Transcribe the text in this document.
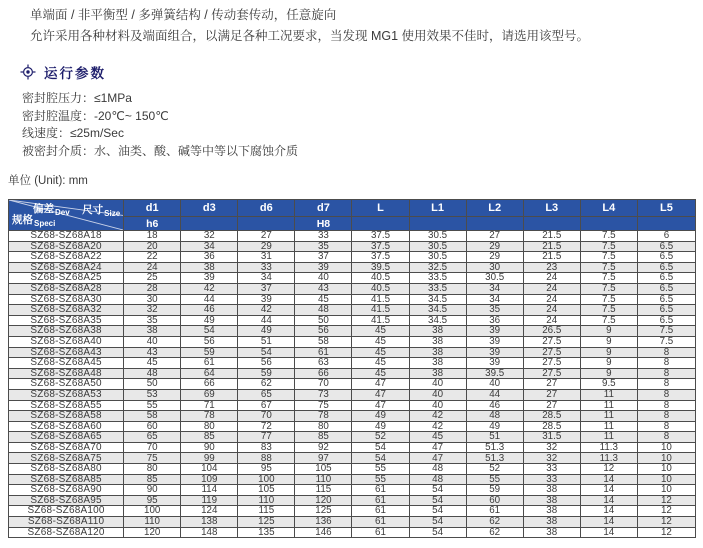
单端面 / 非平衡型 / 多弹簧结构 / 传动套传动，任意旋向

允许采用各种材料及端面组合，以满足各种工况要求，当发现 MG1 使用效果不佳时，请选用该型号。

运行参数
密封腔压力：≤1MPa
密封腔温度：-20℃~ 150℃
线速度：≤25m/Sec
被密封介质：水、油类、酸、碱等中等以下腐蚀介质
单位 (Unit): mm
偏差$_{Dev}$ 尺寸$_{Size}$
规格$_{Speci}$	d1	d3	d6	d7	L	L1	L2	L3	L4	L5
	h6			H8						
SZ68-SZ68A18	18	32	27	33	37.5	30.5	27	21.5	7.5	6
SZ68-SZ68A20	20	34	29	35	37.5	30.5	29	21.5	7.5	6.5
SZ68-SZ68A22	22	36	31	37	37.5	30.5	29	21.5	7.5	6.5
SZ68-SZ68A24	24	38	33	39	39.5	32.5	30	23	7.5	6.5
SZ68-SZ68A25	25	39	34	40	40.5	33.5	30.5	24	7.5	6.5
SZ68-SZ68A28	28	42	37	43	40.5	33.5	34	24	7.5	6.5
SZ68-SZ68A30	30	44	39	45	41.5	34.5	34	24	7.5	6.5
SZ68-SZ68A32	32	46	42	48	41.5	34.5	35	24	7.5	6.5
SZ68-SZ68A35	35	49	44	50	41.5	34.5	36	24	7.5	6.5
SZ68-SZ68A38	38	54	49	56	45	38	39	26.5	9	7.5
SZ68-SZ68A40	40	56	51	58	45	38	39	27.5	9	7.5
SZ68-SZ68A43	43	59	54	61	45	38	39	27.5	9	8
SZ68-SZ68A45	45	61	56	63	45	38	39	27.5	9	8
SZ68-SZ68A48	48	64	59	66	45	38	39.5	27.5	9	8
SZ68-SZ68A50	50	66	62	70	47	40	40	27	9.5	8
SZ68-SZ68A53	53	69	65	73	47	40	44	27	11	8
SZ68-SZ68A55	55	71	67	75	47	40	46	27	11	8
SZ68-SZ68A58	58	78	70	78	49	42	48	28.5	11	8
SZ68-SZ68A60	60	80	72	80	49	42	49	28.5	11	8
SZ68-SZ68A65	65	85	77	85	52	45	51	31.5	11	8
SZ68-SZ68A70	70	90	83	92	54	47	51.3	32	11.3	10
SZ68-SZ68A75	75	99	88	97	54	47	51.3	32	11.3	10
SZ68-SZ68A80	80	104	95	105	55	48	52	33	12	10
SZ68-SZ68A85	85	109	100	110	55	48	55	33	14	10
SZ68-SZ68A90	90	114	105	115	61	54	59	38	14	10
SZ68-SZ68A95	95	119	110	120	61	54	60	38	14	12
SZ68-SZ68A100	100	124	115	125	61	54	61	38	14	12
SZ68-SZ68A110	110	138	125	136	61	54	62	38	14	12
SZ68-SZ68A120	120	148	135	146	61	54	62	38	14	12
